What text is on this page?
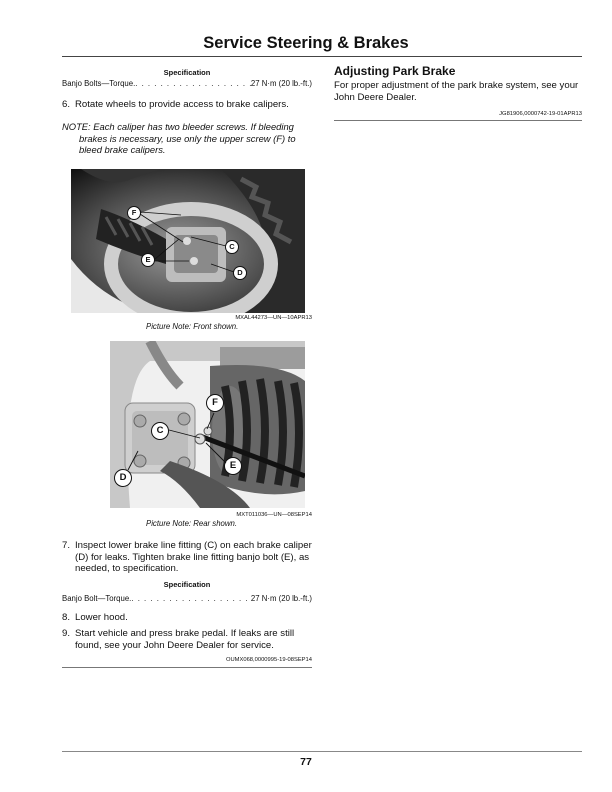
Service Steering & Brakes
Specification
Banjo Bolts—Torque. . . .	27 N·m (20 lb.-ft.)
6. Rotate wheels to provide access to brake calipers.
NOTE: Each caliper has two bleeder screws. If bleeding
brakes is necessary, use only the upper screw (F) to bleed brake calipers.
F
C
E
D
MXAL44273—UN—10APR13
Picture Note: Front shown.
F
C
E
D
MXT011036—UN—08SEP14
Picture Note: Rear shown.
7. Inspect lower brake line fitting (C) on each brake caliper (D) for leaks. Tighten brake line fitting banjo bolt (E), as needed, to specification.
Specification
Banjo Bolt—Torque. . . .	27 N·m (20 lb.-ft.)
8. Lower hood.
9. Start vehicle and press brake pedal. If leaks are still found, see your John Deere Dealer for service.
OUMX068,0000995-19-08SEP14
Adjusting Park Brake
For proper adjustment of the park brake system, see your John Deere Dealer.
JG81906,0000742-19-01APR13
77
